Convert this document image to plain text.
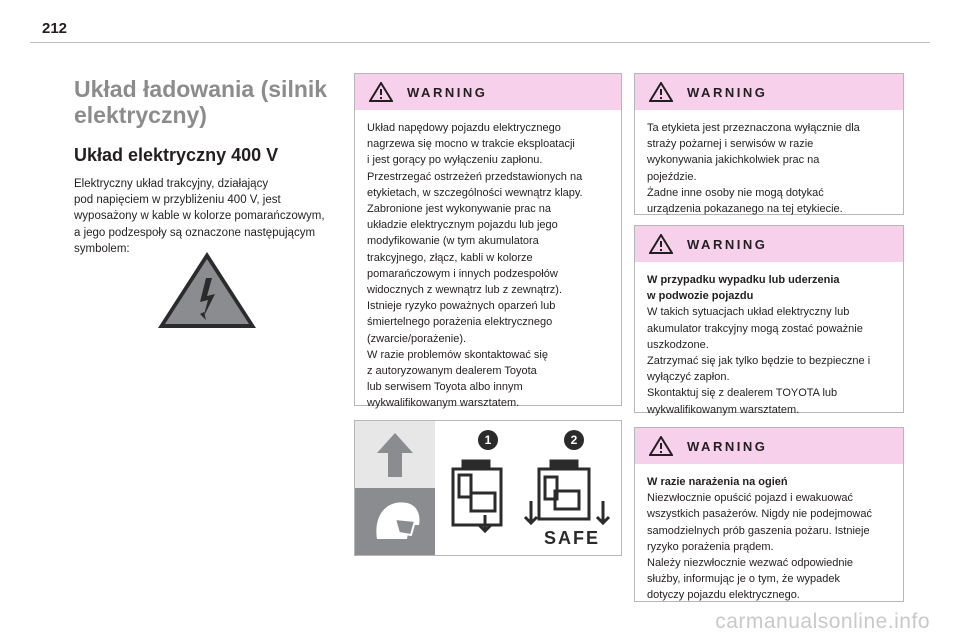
212
Układ ładowania (silnik elektryczny)
Układ elektryczny 400 V

Elektryczny układ trakcyjny, działający
pod napięciem w przybliżeniu 400 V, jest
wyposażony w kable w kolorze pomarańczowym,
a jego podzespoły są oznaczone następującym
symbolem:

WARNING
Układ napędowy pojazdu elektrycznego
nagrzewa się mocno w trakcie eksploatacji
i jest gorący po wyłączeniu zapłonu.
Przestrzegać ostrzeżeń przedstawionych na
etykietach, w szczególności wewnątrz klapy.
Zabronione jest wykonywanie prac na
układzie elektrycznym pojazdu lub jego
modyfikowanie (w tym akumulatora
trakcyjnego, złącz, kabli w kolorze
pomarańczowym i innych podzespołów
widocznych z wewnątrz lub z zewnątrz).
Istnieje ryzyko poważnych oparzeń lub
śmiertelnego porażenia elektrycznego
(zwarcie/porażenie).
W razie problemów skontaktować się
z autoryzowanym dealerem Toyota
lub serwisem Toyota albo innym
wykwalifikowanym warsztatem.
WARNING
Ta etykieta jest przeznaczona wyłącznie dla
straży pożarnej i serwisów w razie
wykonywania jakichkolwiek prac na
pojeździe.
Żadne inne osoby nie mogą dotykać
urządzenia pokazanego na tej etykiecie.
WARNING
W przypadku wypadku lub uderzenia
w podwozie pojazdu
W takich sytuacjach układ elektryczny lub
akumulator trakcyjny mogą zostać poważnie
uszkodzone.
Zatrzymać się jak tylko będzie to bezpieczne i
wyłączyć zapłon.
Skontaktuj się z dealerem TOYOTA lub
wykwalifikowanym warsztatem.
WARNING
W razie narażenia na ogień
Niezwłocznie opuścić pojazd i ewakuować
wszystkich pasażerów. Nigdy nie podejmować
samodzielnych prób gaszenia pożaru. Istnieje
ryzyko porażenia prądem.
Należy niezwłocznie wezwać odpowiednie
służby, informując je o tym, że wypadek
dotyczy pojazdu elektrycznego.
1	2
SAFE
carmanualsonline.info
